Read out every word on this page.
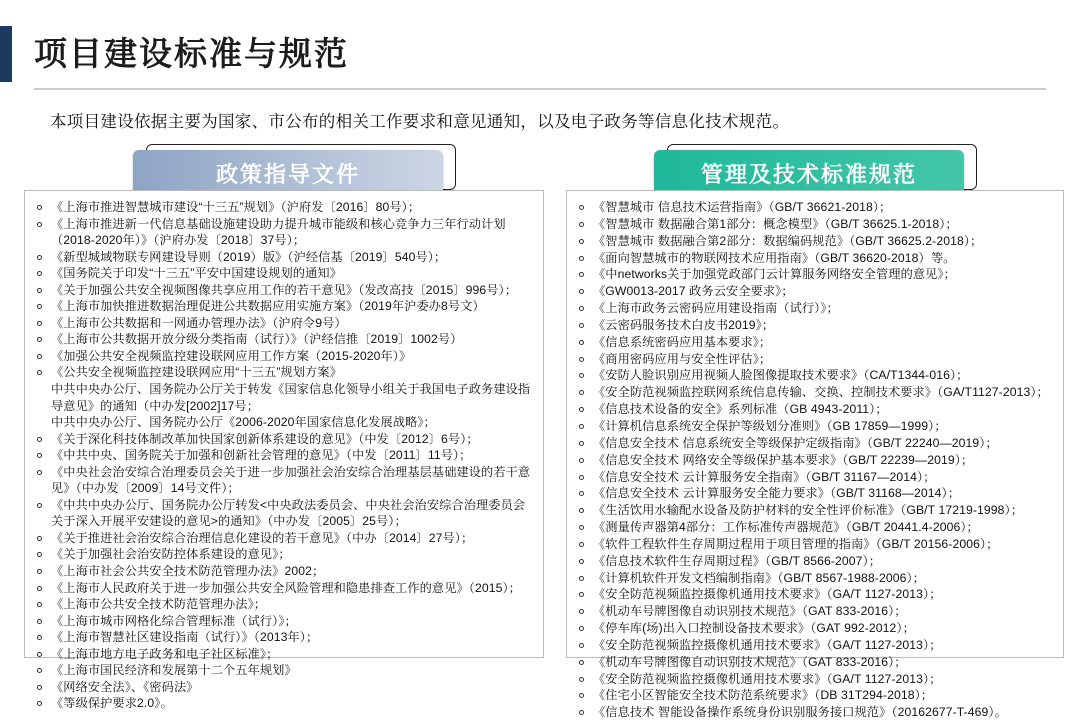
项目建设标准与规范
本项目建设依据主要为国家、市公布的相关工作要求和意见通知，以及电子政务等信息化技术规范。
政策指导文件	管理及技术标准规范
《上海市推进智慧城市建设“十三五”规划》（沪府发〔2016〕80号）；
《上海市推进新一代信息基础设施建设助力提升城市能级和核心竞争力三年行动计划（2018-2020年）》（沪府办发〔2018〕37号）；
《新型城域物联专网建设导则（2019）版》（沪经信基〔2019〕540号）；
《国务院关于印发“十三五”平安中国建设规划的通知》
《关于加强公共安全视频图像共享应用工作的若干意见》（发改高技〔2015〕996号）；
《上海市加快推进数据治理促进公共数据应用实施方案》（2019年沪委办8号文）
《上海市公共数据和一网通办管理办法》（沪府令9号）
《上海市公共数据开放分级分类指南（试行）》（沪经信推〔2019〕1002号）
《加强公共安全视频监控建设联网应用工作方案（2015-2020年）》
《公共安全视频监控建设联网应用“十三五”规划方案》
中共中央办公厅、国务院办公厅关于转发《国家信息化领导小组关于我国电子政务建设指导意见》的通知（中办发[2002]17号；
中共中央办公厅、国务院办公厅《2006-2020年国家信息化发展战略》；
《关于深化科技体制改革加快国家创新体系建设的意见》（中发〔2012〕6号）；
《中共中央、国务院关于加强和创新社会管理的意见》（中发〔2011〕11号）；
《中央社会治安综合治理委员会关于进一步加强社会治安综合治理基层基础建设的若干意见》（中办发〔2009〕14号文件）；
《中共中央办公厅、国务院办公厅转发<中央政法委员会、中央社会治安综合治理委员会关于深入开展平安建设的意见>的通知》（中办发〔2005〕25号）；
《关于推进社会治安综合治理信息化建设的若干意见》（中办〔2014〕27号）；
《关于加强社会治安防控体系建设的意见》；
《上海市社会公共安全技术防范管理办法》2002；
《上海市人民政府关于进一步加强公共安全风险管理和隐患排查工作的意见》（2015）；
《上海市公共安全技术防范管理办法》；
《上海市城市网格化综合管理标准（试行）》；
《上海市智慧社区建设指南（试行）》（2013年）；
《上海市地方电子政务和电子社区标准》；
《上海市国民经济和发展第十二个五年规划》
《网络安全法》、《密码法》
《等级保护要求2.0》。
《智慧城市 信息技术运营指南》（GB/T 36621-2018）；
《智慧城市 数据融合第1部分：概念模型》（GB/T 36625.1-2018）；
《智慧城市 数据融合第2部分：数据编码规范》（GB/T 36625.2-2018）；
《面向智慧城市的物联网技术应用指南》（GB/T 36620-2018）等。
《中networks关于加强党政部门云计算服务网络安全管理的意见》；
《GW0013-2017 政务云安全要求》；
《上海市政务云密码应用建设指南（试行）》；
《云密码服务技术白皮书2019》；
《信息系统密码应用基本要求》；
《商用密码应用与安全性评估》；
《安防人脸识别应用视频人脸图像提取技术要求》（CA/T1344-016）；
《安全防范视频监控联网系统信息传输、交换、控制技术要求》（GA/T1127-2013）；
《信息技术设备的安全》系列标准（GB 4943-2011）；
《计算机信息系统安全保护等级划分准则》（GB 17859—1999）；
《信息安全技术 信息系统安全等级保护定级指南》（GB/T 22240—2019）；
《信息安全技术 网络安全等级保护基本要求》（GB/T 22239—2019）；
《信息安全技术 云计算服务安全指南》（GB/T 31167—2014）；
《信息安全技术 云计算服务安全能力要求》（GB/T 31168—2014）；
《生活饮用水输配水设备及防护材料的安全性评价标准》（GB/T 17219-1998）；
《测量传声器第4部分：工作标准传声器规范》（GB/T 20441.4-2006）；
《软件工程软件生存周期过程用于项目管理的指南》（GB/T 20156-2006）；
《信息技术软件生存周期过程》（GB/T 8566-2007）；
《计算机软件开发文档编制指南》（GB/T 8567-1988-2006）；
《安全防范视频监控摄像机通用技术要求》（GA/T 1127-2013）；
《机动车号牌图像自动识别技术规范》（GAT 833-2016）；
《停车库(场)出入口控制设备技术要求》（GAT 992-2012）；
《安全防范视频监控摄像机通用技术要求》（GA/T 1127-2013）；
《机动车号牌图像自动识别技术规范》（GAT 833-2016）；
《安全防范视频监控摄像机通用技术要求》（GA/T 1127-2013）；
《住宅小区智能安全技术防范系统要求》（DB 31T294-2018）；
《信息技术 智能设备操作系统身份识别服务接口规范》（20162677-T-469）。
